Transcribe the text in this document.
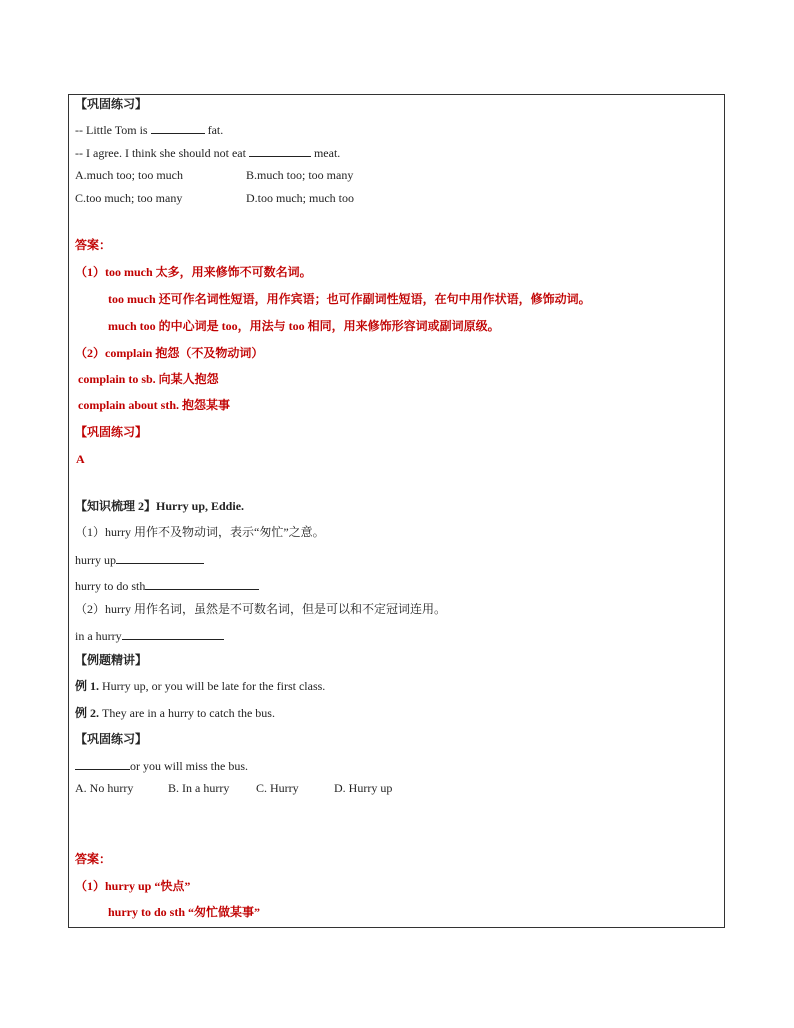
【巩固练习】
-- Little Tom is	fat.
-- I agree. I think she should not eat	meat.
A.much too; too much	B.much too; too many
C.too much; too many	D.too much; much too
答案：
（1）too much 太多，用来修饰不可数名词。
too much 还可作名词性短语，用作宾语；也可作副词性短语，在句中用作状语，修饰动词。
much too 的中心词是 too，用法与 too 相同，用来修饰形容词或副词原级。
（2）complain 抱怨（不及物动词）
complain to sb. 向某人抱怨
complain about sth. 抱怨某事
【巩固练习】
A
【知识梳理 2】Hurry up, Eddie.
（1）hurry 用作不及物动词，表示“匆忙”之意。
hurry up
hurry to do sth
（2）hurry 用作名词，虽然是不可数名词，但是可以和不定冠词连用。
in a hurry
【例题精讲】
例 1. Hurry up, or you will be late for the first class.
例 2. They are in a hurry to catch the bus.
【巩固练习】
or you will miss the bus.
A. No hurry	B. In a hurry C. Hurry	D. Hurry up
答案：
（1）hurry up “快点”
hurry to do sth “匆忙做某事”
